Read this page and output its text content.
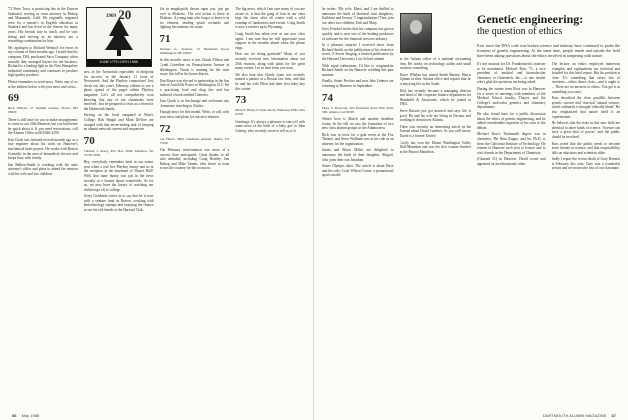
'72 Peter Tracy is practicing law in the Eastern Seaboard, serving as town attorney in Bishop and Mammoth, Calif. He originally migrated west for a master's in English education at Stanford and has lived in the Sierras for many years. His friends stay in touch, and he says skiing and serving as an attorney are a rewarding combination for him.

My apologies to Richard Wentsch for errors in my column of three months ago. I stated that his company, DSI, purchased Saco Company when actually they arranged buyers for the business. Richard is a leading light in the New Hampshire industrial community and continues to produce high quality products.

Please remember to send news. Write any of us at the address below with your news and views.

69
Rick Willetts, 27 Summit Avenue, Dover, NH 03820

There is still time for you to make arrangements to come to our 20th Reunion, but you had better be quick about it. If you need reservations, call the Alumni Office at 603/646-2258.

Ken Clark was featured several months ago as a true engineer about his work on Hanover's mechanical heart project. He works with Boston Scientific in the area of biomedical devices and keeps busy with family.

Jim Balboa-Smith is working with the state attorney's office and plans to attend the reunion with his wife and two children.

$^{1969}$ 20
JUNE 17TH-19TH 1988

now as the 'horizontal equivalent of midpoint for success' in the January 11 issue of Newsweek. And the Playboy connection! Just check out this year's February edition to see a photo spread of the pages within Playboy magazine. Let's all not compulsively scan knowing that any of our classmates were involved. Just be prepared to react as a friend of the Dartmouth family.

Serving on the local vanguard at Ware's College, Rob Haight and Mark DeVore are charged with that never-ending task of keeping an alumni network current and responsive.

70
Thomas J. Avery, P.O. Box 3094, Madison, WI 53705-3094

Hey, everybody, remember back in our senior year when a real live Playboy bunny met us at the reception in the basement of Thayer Hall? Well, that same bunny was just in the news recently in a feature about centerfolds. As for us, we now have the luxury of watching our children go off to college.

Gerry Goldstein writes in to say that he is now with a venture fund in Boston, working with biotechnology startups and enjoying the chance to see his old friends at the Harvard Club.

life in megalopolis dawns upon you, just get over to Modesto. The real action is there in Modesto. A young man who forgot to leave is in his element, tending peach orchards and fighting Sacramento for water.

71
Thomas G. Jackson, 15 Shamokin Road, Wilmington, DE 19810

In this month's news it was Chuck Ellison and Cyndi Goresline on Pennsylvania Avenue in Washington. Chuck is running for the state house this fall in his home district.

Dan Rouse was elected to partnership in the law firm of Arnold & Porter in Washington, D.C. He is practicing food and drug law and has authored a book entitled Generics.

Tom Quick is in Anchorage and welcomes any classmates traveling to Alaska.

Enough news for this month. Write, or call, with your news and plans for our next reunion.

72
Lee Harris, 4822 Lakehurst Avenue, Dallas, TX 75230

The February mini-reunion was more of a success than anticipated. Great thanks to all who attended, including Craig Bentley, Jim Bishop and Mike Tanner, who drove in from across the country for the occasion.

The big news, which I am sure many of you are aware of, is that the gang of four in our class kept the chase alive all winter with a wild roundup of fundraisers and events. Craig Smith is now a rancher up in Wyoming.

Craig Smith has taken over as our new class agent. I am sure that he will appreciate your support in the months ahead when the phone rings.

How are we doing gratitude? Many of you recently received new information about our 20th reunion, along with plans for the great many events. Let us hear from you soon.

We also hear that Charly Lunn was recently named a partner at a Boston law firm, and that he and his wife Ellen had their first baby boy this winter.

73
Mark F. Haley, 9 Tudor Road, Wellesley Hills, MA 02181

Greetings. It's always a pleasure to start off with some news of the birth of a baby girl to John Goberg, who recently wrote to tell us of it.

86 May 1988

he writes. 'My wife, Marti, and I are thrilled to announce the birth of identical twin daughters, Kathleen and Jessica.' Congratulations! They join our other two children, Erik and Mary.

Jerry Fenchel writes that his company has grown quickly and is now one of the leading producers of software for the financial services industry.

In a pleasant surprise I received news from Richard Smith on the publication of his detective novel, A Secret Singing, a limited publication by the Harvard University Law School alumni.

With equal enthusiasm, I'd like to congratulate Richard Smith on his Hanover wedding this past summer.

Finally, Stuart Pescher and now Jake Lehmer are returning to Hanover in September.

74
Mary S. Donovan, 204 Peachtree Road NW, Suite 500, Atlanta, GA 30305

Winter here is March and another deadline looms. In the fall we saw the formation of two new class alumni groups in the Atlanta area.

Rick was in town for a gala event at the Fox Theatre, and Steve Wallman was at his side as an attorney for the organization.

James and Bruce Miller are delighted to announce the birth of their daughter, Abigail, who joins their son Jonathan.

States Olympic skier. The article is about Dave and his wife, Cody Wilson Corner, a promotional sports model.

in the Atlanta office of a national accounting firm. He works on technology audits and small business consulting.

Bruce Whelan has joined Smith Barney, Harris Upham in their Atlanta office and reports that he is enjoying life in the South.

Rick has recently become a managing director and head of the corporate finance department for Humboldt & Associates, which he joined in 1984.

Steve Bassett just got married and says life is good. He and his wife are living in Decatur and working in downtown Atlanta.

There was recently an interesting article in the Journal about David Gardner. As you well know, David is a former United

Cecily has won the Mount Washington Valley Half-Marathon and was the first woman finisher in the Boston Marathon.

Genetic engineering:
the question of ethics
Ever since the DNA code was broken science and industry have continued to probe the frontiers of genetic engineering. At the same time, people inside and outside the field have been asking questions about the ethics involved in tampering with nature.

It's not unusual for Dr. Frankenstein's monster to be mentioned. Michael Ross '71, a vice president of medical and biomolecular chemistry at Genentech, Inc.—is one insider who's glad the questions are being asked.

During the winter term Ross was in Hanover for a series of meetings with members of the Medical School faculty, Thayer, and the College's molecular genetics and chemistry departments.

He also found time for a public discussion about the ethics of genetic engineering, and he added considerable expertise of his own to the debate.

Michael Ross's Dartmouth degree was in chemistry. Phi Beta Kappa, and his Ph.D. is from the California Institute of Technology. He returns to Hanover each year to lecture and to visit friends in the Department of Chemistry.

(Channel 51) in Hanover. David wrote and appeared on an educational video.

The lecture on ethics employed numerous examples and explanations too technical and detailed for this brief report. But his position is clear: 'It's something that raises lots of emotions—ethics draws close—and it ought to ... There are no answers to ethics. You get it as something you carry.'

Ross described the close parallels between genetic science and 'classical' natural science, which ordinarily is thought 'ethically bland.' He also emphasized that nature itself is an experimenter.

He believes that the risks in this new field are identical to other kinds of science. 'Science can have a great deal of power,' and the public should be involved.

Ross noted that the public needs to become more literate in science, and that responsibility falls on educators and scientists alike.

Sadly I report the recent death of Gary Bennett in February this year. Gary was a wonderful person and we mourn the loss of our classmate.

DARTMOUTH ALUMNI MAGAZINE 87
